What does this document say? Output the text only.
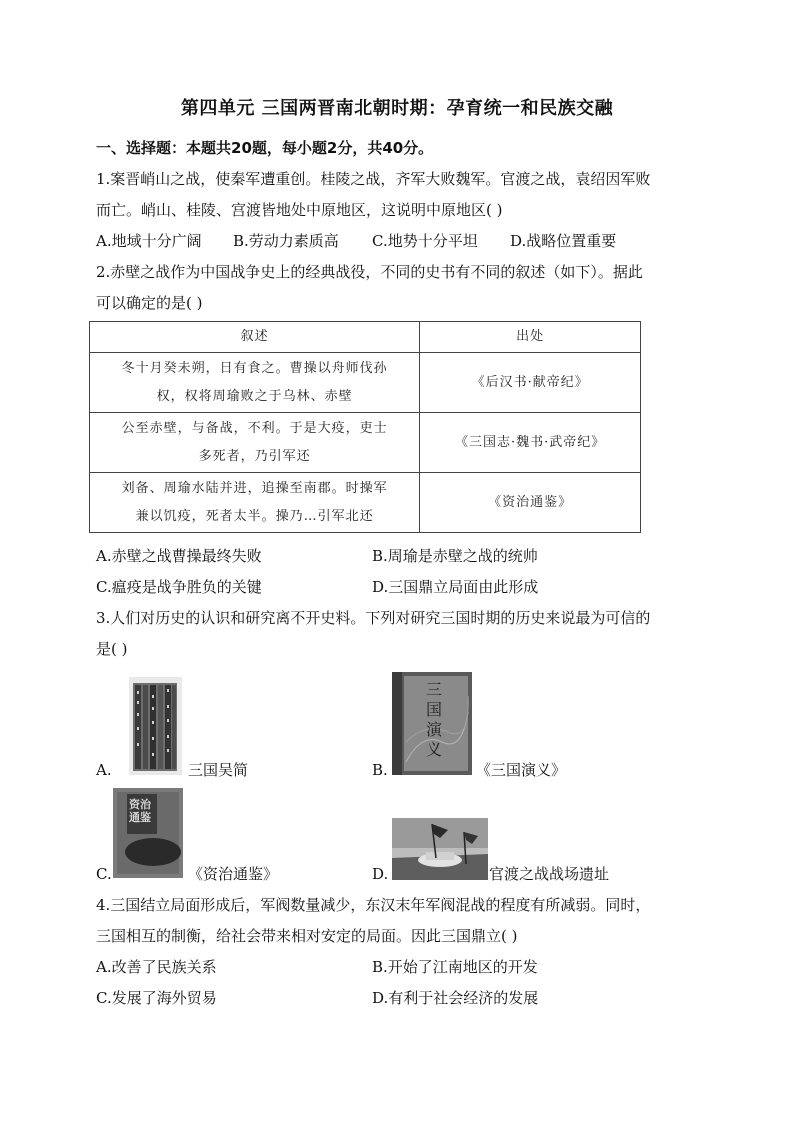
第四单元 三国两晋南北朝时期：孕育统一和民族交融
一、选择题：本题共20题，每小题2分，共40分。
1.案晋峭山之战，使秦军遭重创。桂陵之战，齐军大败魏军。官渡之战，袁绍因军败
而亡。峭山、桂陵、宫渡皆地处中原地区，这说明中原地区( )
A.地域十分广阔 B.劳动力素质高 C.地势十分平坦 D.战略位置重要
2.赤壁之战作为中国战争史上的经典战役，不同的史书有不同的叙述（如下）。据此
可以确定的是( )
叙述	出处

冬十月癸未朔，日有食之。曹操以舟师伐孙
权，权将周瑜败之于乌林、赤壁	《后汉书·献帝纪》

公至赤壁，与备战，不利。于是大疫，吏士
多死者，乃引军还	《三国志·魏书·武帝纪》

刘备、周瑜水陆并进，追操至南郡。时操军
兼以饥疫，死者太半。操乃…引军北还	《资治通鉴》
A.赤壁之战曹操最终失败	B.周瑜是赤壁之战的统帅
C.瘟疫是战争胜负的关键	D.三国鼎立局面由此形成
3.人们对历史的认识和研究离不开史料。下列对研究三国时期的历史来说最为可信的
是( )
A.	三国吴简	B.
三国演义
《三国演义》
C.
资治通鉴
《资治通鉴》	D.	官渡之战战场遗址
4.三国结立局面形成后，军阀数量减少，东汉末年军阀混战的程度有所减弱。同时，
三国相互的制衡，给社会带来相对安定的局面。因此三国鼎立( )
A.改善了民族关系	B.开始了江南地区的开发
C.发展了海外贸易	D.有利于社会经济的发展
